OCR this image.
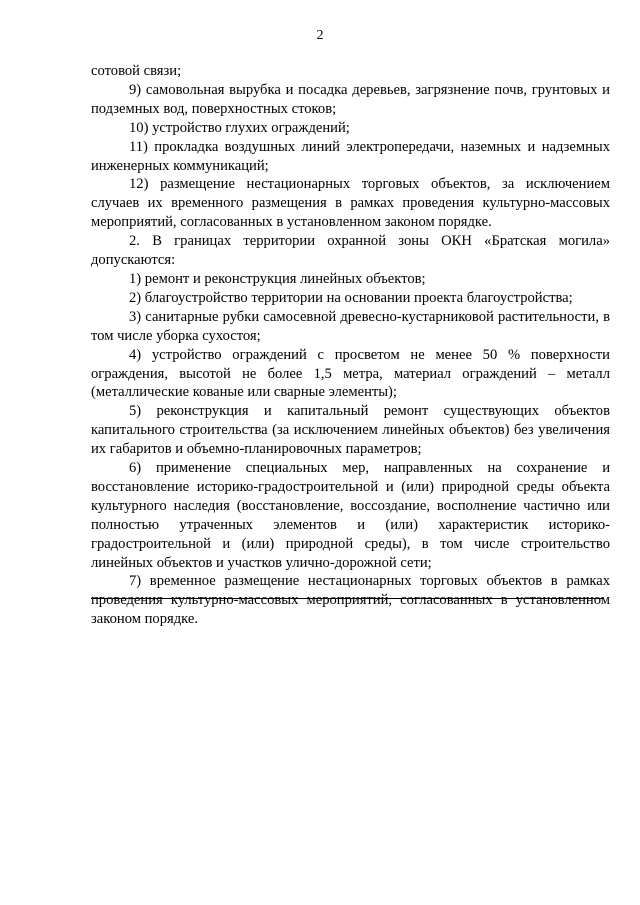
2

сотовой связи;

9) самовольная вырубка и посадка деревьев, загрязнение почв, грунтовых и подземных вод, поверхностных стоков;

10) устройство глухих ограждений;

11) прокладка воздушных линий электропередачи, наземных и надземных инженерных коммуникаций;

12) размещение нестационарных торговых объектов, за исключением случаев их временного размещения в рамках проведения культурно-массовых мероприятий, согласованных в установленном законом порядке.

2. В границах территории охранной зоны ОКН «Братская могила» допускаются:

1) ремонт и реконструкция линейных объектов;

2) благоустройство территории на основании проекта благоустройства;

3) санитарные рубки самосевной древесно-кустарниковой растительности, в том числе уборка сухостоя;

4) устройство ограждений с просветом не менее 50 % поверхности ограждения, высотой не более 1,5 метра, материал ограждений – металл (металлические кованые или сварные элементы);

5) реконструкция и капитальный ремонт существующих объектов капитального строительства (за исключением линейных объектов) без увеличения их габаритов и объемно-планировочных параметров;

6) применение специальных мер, направленных на сохранение и восстановление историко-градостроительной и (или) природной среды объекта культурного наследия (восстановление, воссоздание, восполнение частично или полностью утраченных элементов и (или) характеристик историко-градостроительной и (или) природной среды), в том числе строительство линейных объектов и участков улично-дорожной сети;

7) временное размещение нестационарных торговых объектов в рамках проведения культурно-массовых мероприятий, согласованных в установленном законом порядке.
